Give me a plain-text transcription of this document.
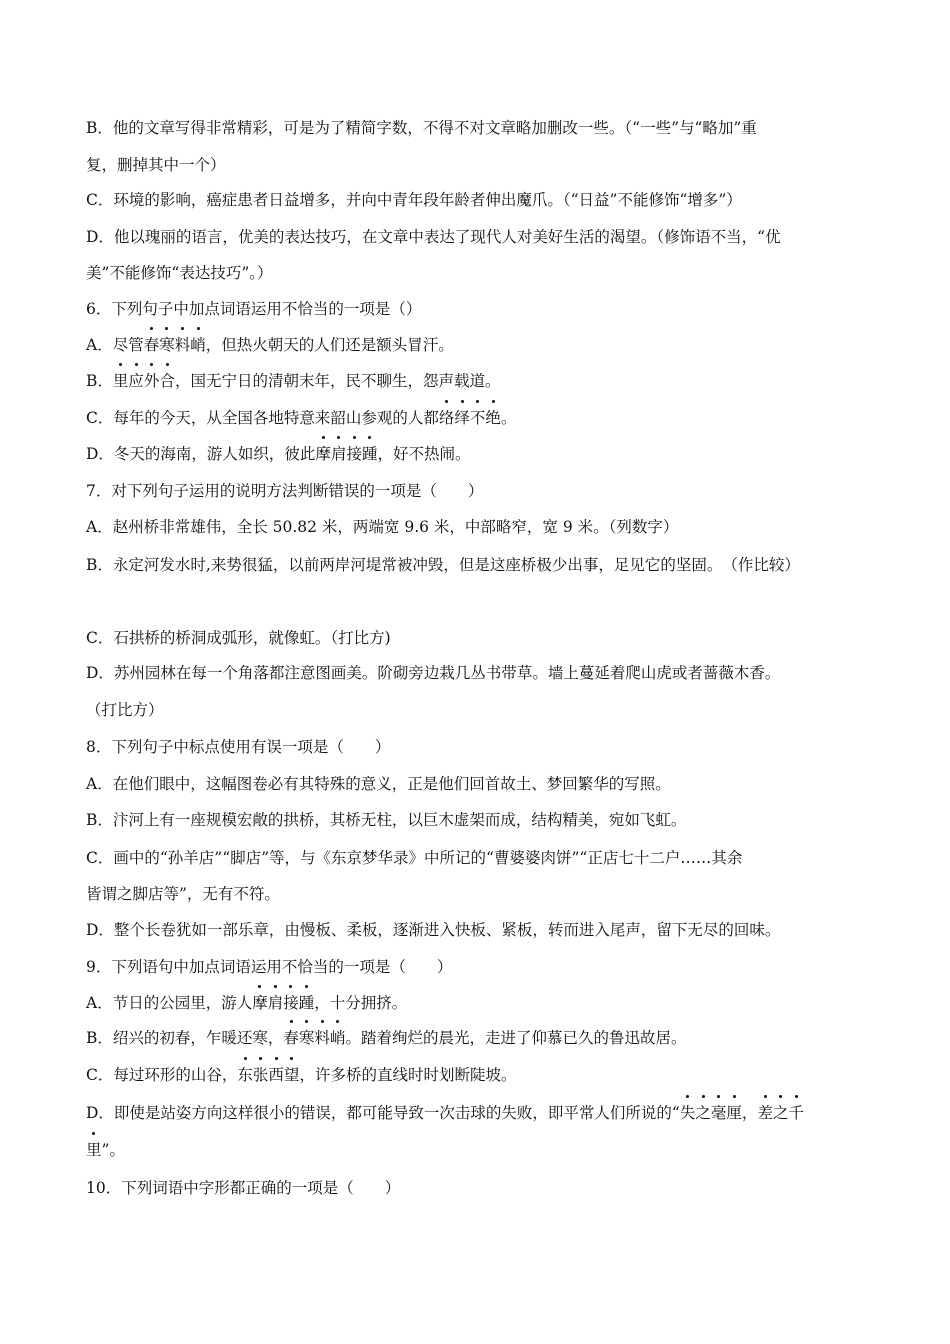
B．他的文章写得非常精彩，可是为了精简字数，不得不对文章略加删改一些。（“一些”与“略加”重
复，删掉其中一个）
C．环境的影响，癌症患者日益增多，并向中青年段年龄者伸出魔爪。（“日益”不能修饰“增多”）
D．他以瑰丽的语言，优美的表达技巧，在文章中表达了现代人对美好生活的渴望。（修饰语不当，“优
美”不能修饰“表达技巧”。）
6．下列句子中加点词语运用不恰当的一项是（）
A．尽管春寒料峭，但热火朝天的人们还是额头冒汗。
B．里应外合，国无宁日的清朝末年，民不聊生，怨声载道。
C．每年的今天，从全国各地特意来韶山参观的人都络绎不绝。
D．冬天的海南，游人如织，彼此摩肩接踵，好不热闹。
7．对下列句子运用的说明方法判断错误的一项是（　　）
A．赵州桥非常雄伟，全长 50.82 米，两端宽 9.6 米，中部略窄，宽 9 米。（列数字）
B．永定河发水时,来势很猛，以前两岸河堤常被冲毁，但是这座桥极少出事，足见它的坚固。　（作比较）
C．石拱桥的桥洞成弧形，就像虹。（打比方)
D．苏州园林在每一个角落都注意图画美。阶砌旁边栽几丛书带草。墙上蔓延着爬山虎或者蔷薇木香。
（打比方）
8．下列句子中标点使用有误一项是（　　）
A．在他们眼中，这幅图卷必有其特殊的意义，正是他们回首故土、梦回繁华的写照。
B．汴河上有一座规模宏敞的拱桥，其桥无柱，以巨木虚架而成，结构精美，宛如飞虹。
C．画中的“孙羊店”“脚店”等，与《东京梦华录》中所记的“曹婆婆肉饼”“正店七十二户……其余
皆谓之脚店等”，无有不符。
D．整个长卷犹如一部乐章，由慢板、柔板，逐渐进入快板、紧板，转而进入尾声，留下无尽的回味。
9．下列语句中加点词语运用不恰当的一项是（　　）
A．节日的公园里，游人摩肩接踵，十分拥挤。
B．绍兴的初春，乍暖还寒，春寒料峭。踏着绚烂的晨光，走进了仰慕已久的鲁迅故居。
C．每过环形的山谷，东张西望，许多桥的直线时时划断陡坡。
D．即使是站姿方向这样很小的错误，都可能导致一次击球的失败，即平常人们所说的“失之毫厘，差之千
里”。
10．下列词语中字形都正确的一项是（　　）
